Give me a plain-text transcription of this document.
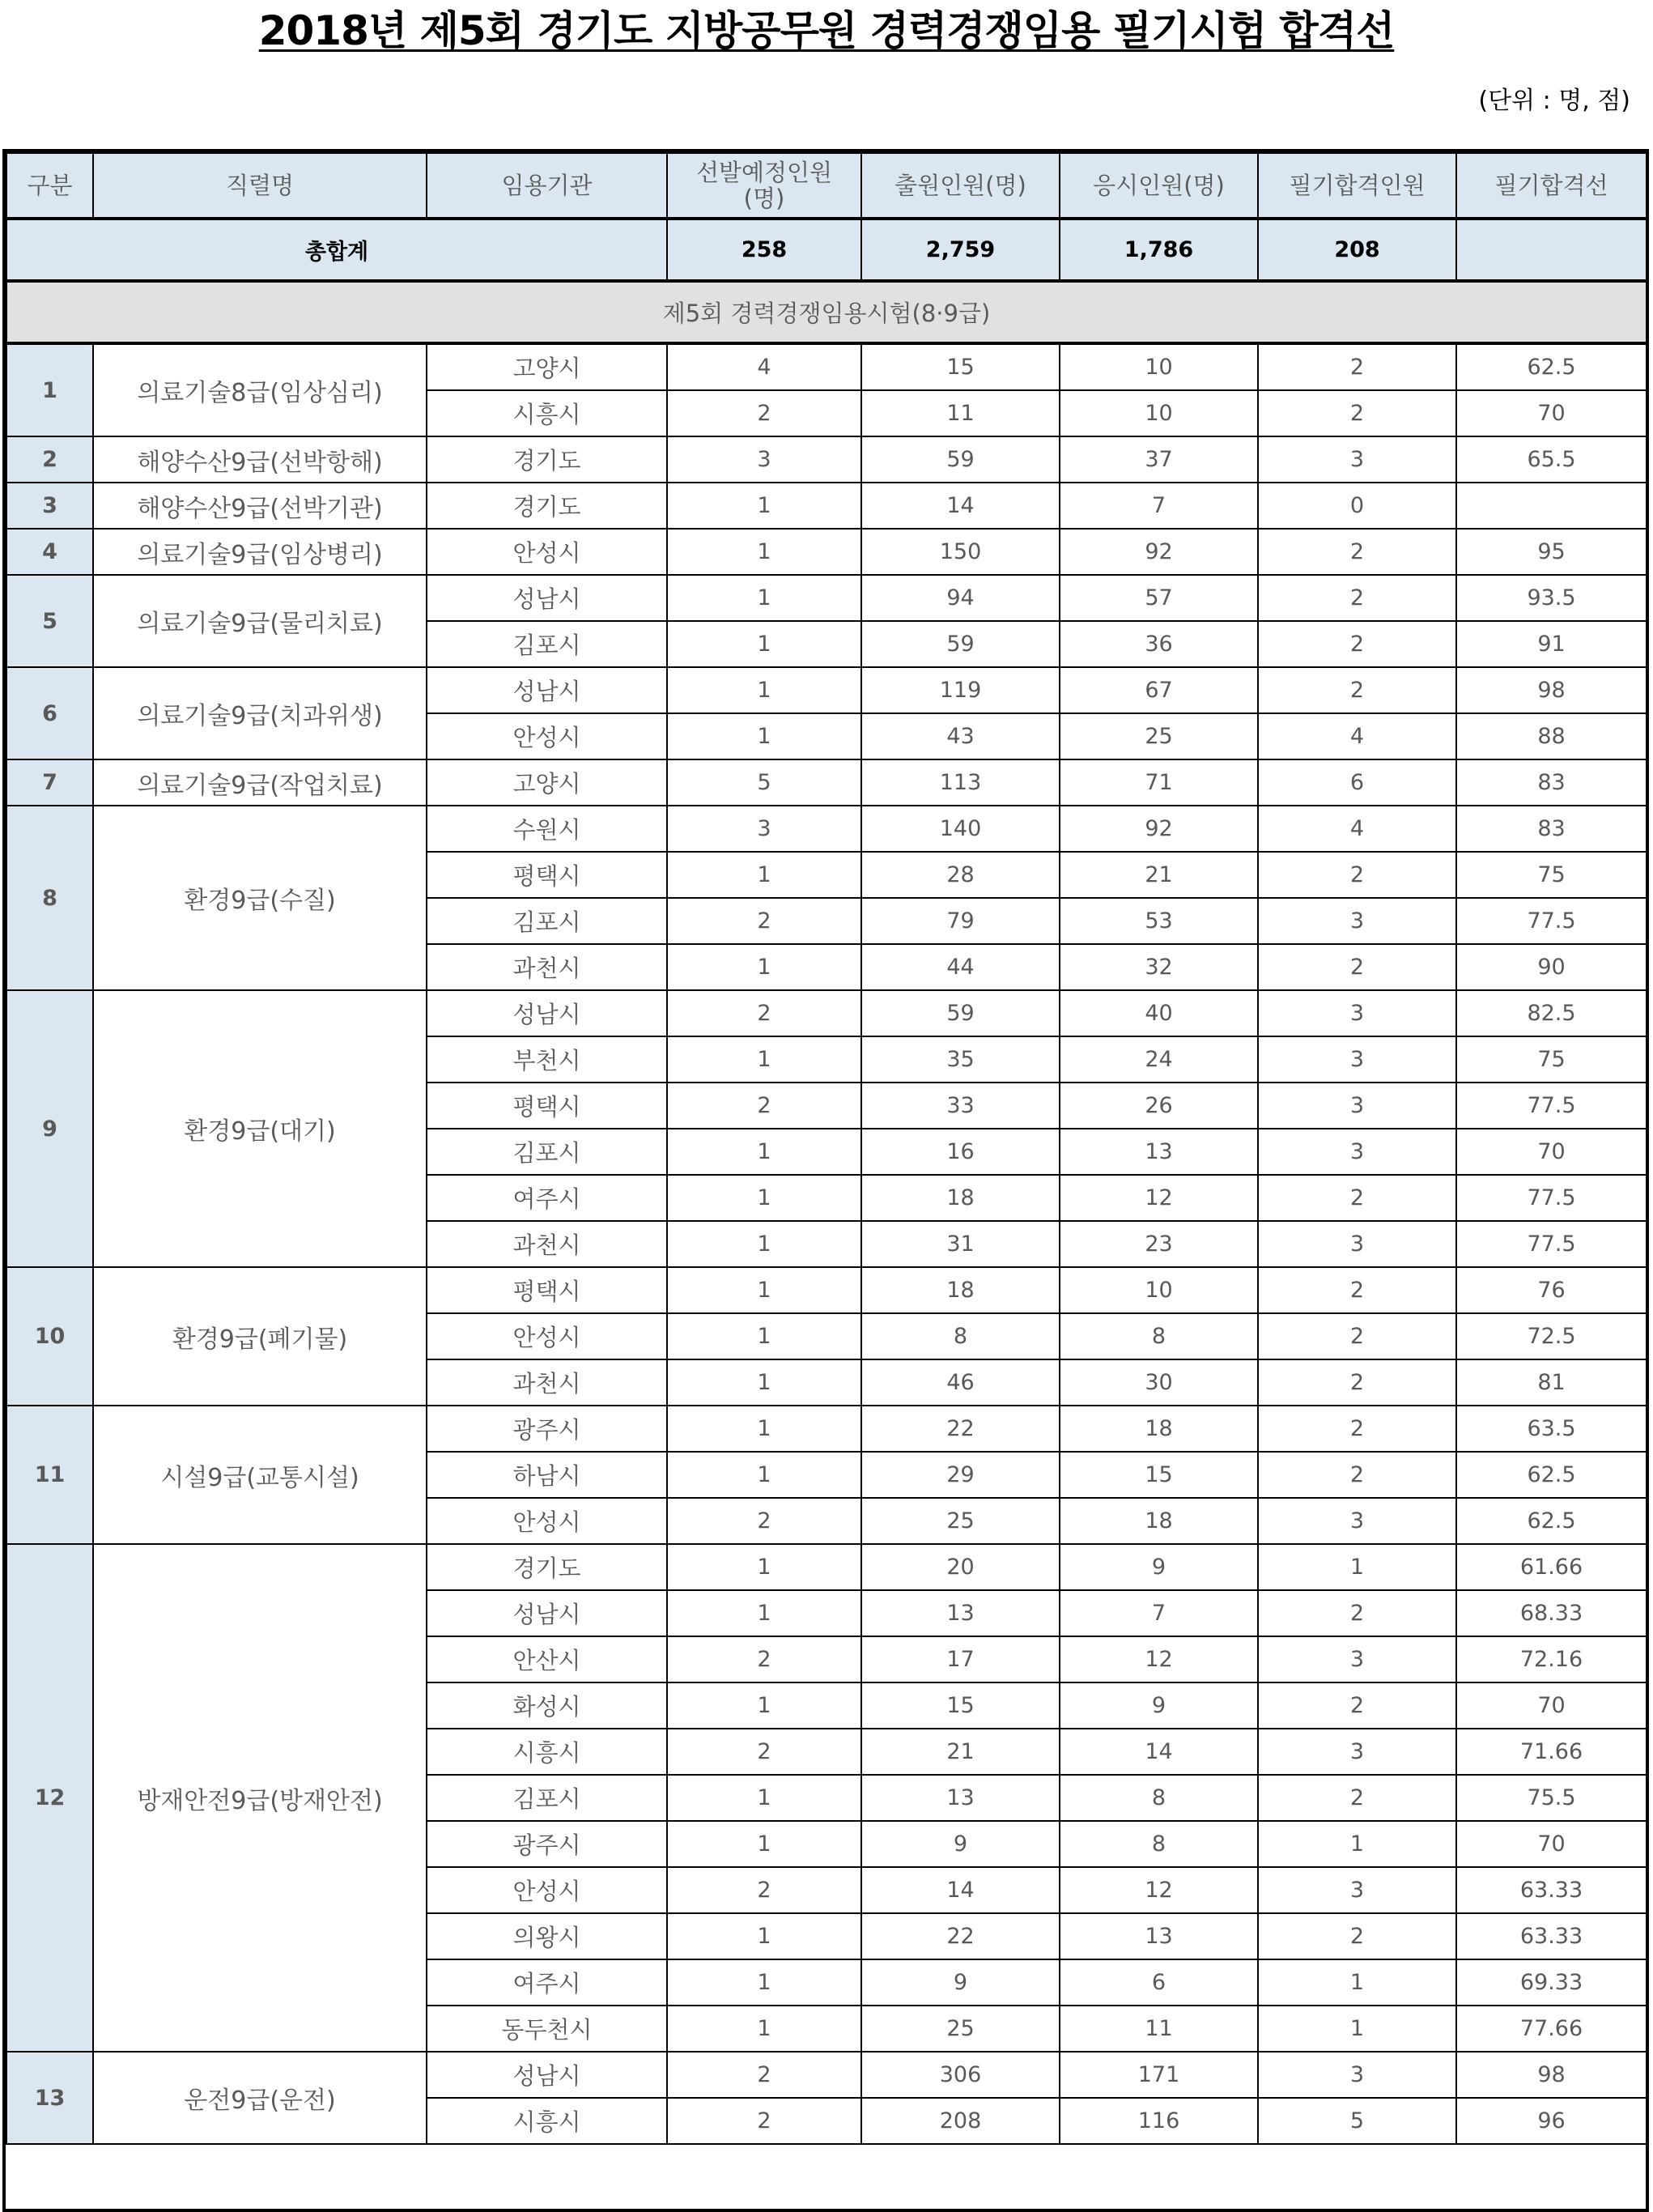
2018년 제5회 경기도 지방공무원 경력경쟁임용 필기시험 합격선
(단위 : 명, 점)
구분	직렬명	임용기관	선발예정인원(명)	출원인원(명)	응시인원(명)	필기합격인원	필기합격선
총합계			258	2,759	1,786	208	
제5회 경력경쟁임용시험(8·9급)							
1	의료기술8급(임상심리)	고양시	4	15	10	2	62.5
		시흥시	2	11	10	2	70
2	해양수산9급(선박항해)	경기도	3	59	37	3	65.5
3	해양수산9급(선박기관)	경기도	1	14	7	0	
4	의료기술9급(임상병리)	안성시	1	150	92	2	95
5	의료기술9급(물리치료)	성남시	1	94	57	2	93.5
		김포시	1	59	36	2	91
6	의료기술9급(치과위생)	성남시	1	119	67	2	98
		안성시	1	43	25	4	88
7	의료기술9급(작업치료)	고양시	5	113	71	6	83
8	환경9급(수질)	수원시	3	140	92	4	83
		평택시	1	28	21	2	75
		김포시	2	79	53	3	77.5
		과천시	1	44	32	2	90
9	환경9급(대기)	성남시	2	59	40	3	82.5
		부천시	1	35	24	3	75
		평택시	2	33	26	3	77.5
		김포시	1	16	13	3	70
		여주시	1	18	12	2	77.5
		과천시	1	31	23	3	77.5
10	환경9급(폐기물)	평택시	1	18	10	2	76
		안성시	1	8	8	2	72.5
		과천시	1	46	30	2	81
11	시설9급(교통시설)	광주시	1	22	18	2	63.5
		하남시	1	29	15	2	62.5
		안성시	2	25	18	3	62.5
12	방재안전9급(방재안전)	경기도	1	20	9	1	61.66
		성남시	1	13	7	2	68.33
		안산시	2	17	12	3	72.16
		화성시	1	15	9	2	70
		시흥시	2	21	14	3	71.66
		김포시	1	13	8	2	75.5
		광주시	1	9	8	1	70
		안성시	2	14	12	3	63.33
		의왕시	1	22	13	2	63.33
		여주시	1	9	6	1	69.33
		동두천시	1	25	11	1	77.66
13	운전9급(운전)	성남시	2	306	171	3	98
		시흥시	2	208	116	5	96
